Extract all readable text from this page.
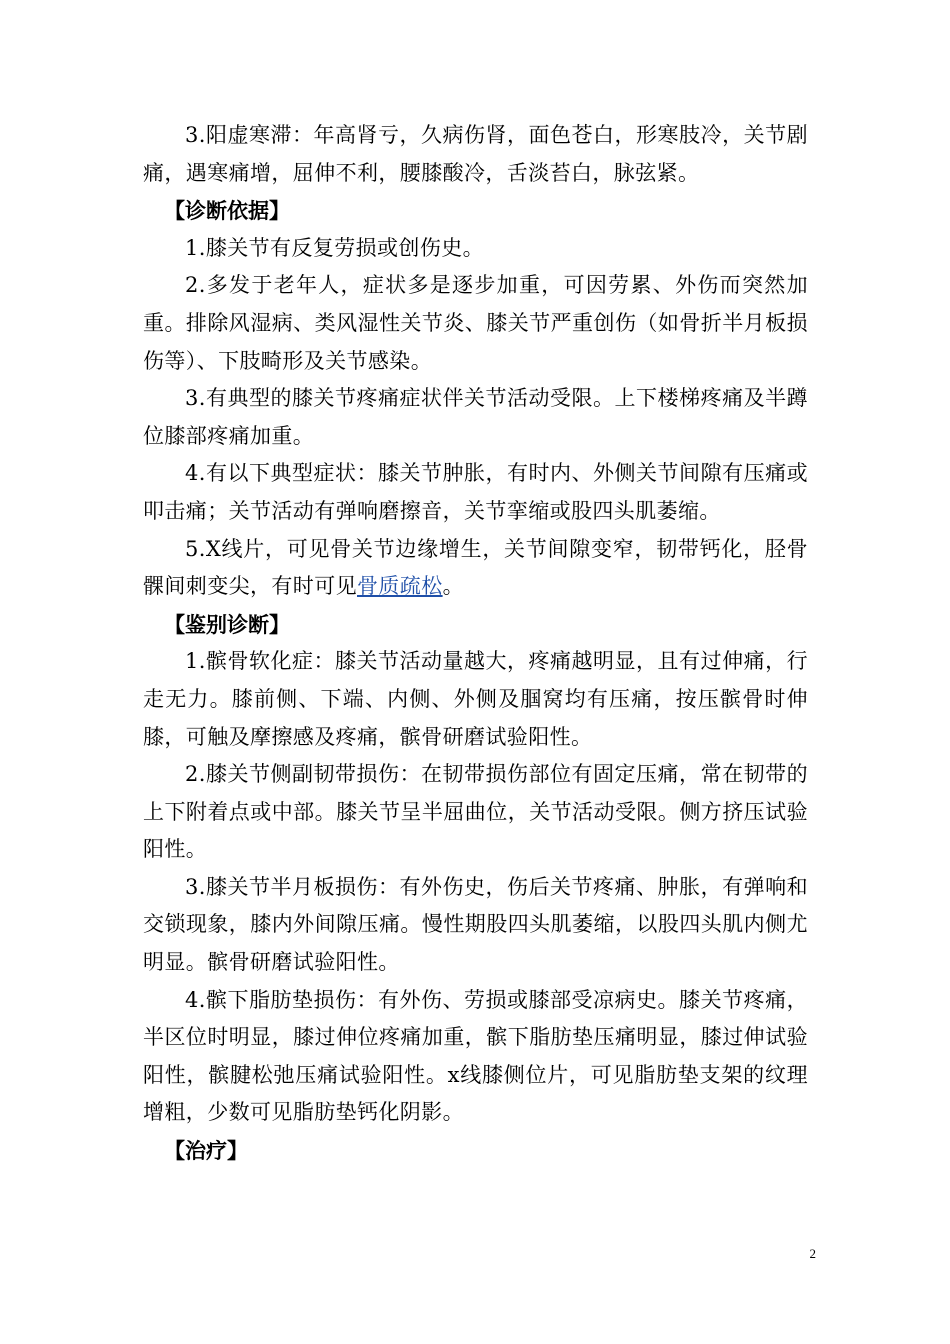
3.阳虚寒滞：年高肾亏，久病伤肾，面色苍白，形寒肢冷，关节剧痛，遇寒痛增，屈伸不利，腰膝酸冷，舌淡苔白，脉弦紧。

【诊断依据】

1.膝关节有反复劳损或创伤史。

2.多发于老年人，症状多是逐步加重，可因劳累、外伤而突然加重。排除风湿病、类风湿性关节炎、膝关节严重创伤（如骨折半月板损伤等）、下肢畸形及关节感染。

3.有典型的膝关节疼痛症状伴关节活动受限。上下楼梯疼痛及半蹲位膝部疼痛加重。

4.有以下典型症状：膝关节肿胀，有时内、外侧关节间隙有压痛或叩击痛；关节活动有弹响磨擦音，关节挛缩或股四头肌萎缩。

5.X线片，可见骨关节边缘增生，关节间隙变窄，韧带钙化，胫骨髁间刺变尖，有时可见骨质疏松。

【鉴别诊断】

1.髌骨软化症：膝关节活动量越大，疼痛越明显，且有过伸痛，行走无力。膝前侧、下端、内侧、外侧及腘窝均有压痛，按压髌骨时伸膝，可触及摩擦感及疼痛，髌骨研磨试验阳性。

2.膝关节侧副韧带损伤：在韧带损伤部位有固定压痛，常在韧带的上下附着点或中部。膝关节呈半屈曲位，关节活动受限。侧方挤压试验阳性。

3.膝关节半月板损伤：有外伤史，伤后关节疼痛、肿胀，有弹响和交锁现象，膝内外间隙压痛。慢性期股四头肌萎缩，以股四头肌内侧尤明显。髌骨研磨试验阳性。

4.髌下脂肪垫损伤：有外伤、劳损或膝部受凉病史。膝关节疼痛，半区位时明显，膝过伸位疼痛加重，髌下脂肪垫压痛明显，膝过伸试验阳性，髌腱松弛压痛试验阳性。x线膝侧位片，可见脂肪垫支架的纹理增粗，少数可见脂肪垫钙化阴影。

【治疗】

2
